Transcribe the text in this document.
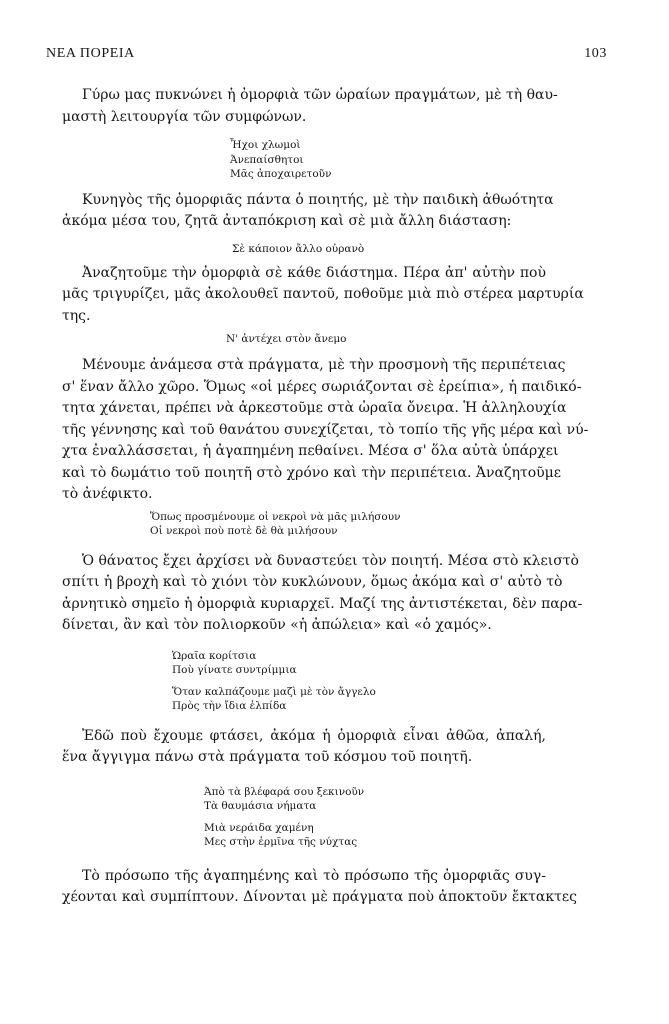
ΝΕΑ ΠΟΡΕΙΑ	103
Γύρω μας πυκνώνει ἡ ὀμορφιὰ τῶν ὡραίων πραγμάτων, μὲ τὴ θαυ-
μαστὴ λειτουργία τῶν συμφώνων.
Ἦχοι χλωμοὶ
Ἀνεπαίσθητοι
Μᾶς ἀποχαιρετοῦν
Κυνηγὸς τῆς ὀμορφιᾶς πάντα ὁ ποιητής, μὲ τὴν παιδικὴ ἀθωότητα
ἀκόμα μέσα του, ζητᾶ ἀνταπόκριση καὶ σὲ μιὰ ἄλλη διάσταση:
Σὲ κάποιον ἄλλο οὐρανὸ
Ἀναζητοῦμε τὴν ὀμορφιὰ σὲ κάθε διάστημα. Πέρα ἀπ' αὐτὴν ποὺ
μᾶς τριγυρίζει, μᾶς ἀκολουθεῖ παντοῦ, ποθοῦμε μιὰ πιὸ στέρεα μαρτυρία
της.
Ν' ἀντέχει στὸν ἄνεμο
Μένουμε ἀνάμεσα στὰ πράγματα, μὲ τὴν προσμονὴ τῆς περιπέτειας
σ' ἕναν ἄλλο χῶρο. Ὅμως «οἱ μέρες σωριάζονται σὲ ἐρείπια», ἡ παιδικό-
τητα χάνεται, πρέπει νὰ ἀρκεστοῦμε στὰ ὡραῖα ὄνειρα. Ἡ ἀλληλουχία
τῆς γέννησης καὶ τοῦ θανάτου συνεχίζεται, τὸ τοπίο τῆς γῆς μέρα καὶ νύ-
χτα ἐναλλάσσεται, ἡ ἀγαπημένη πεθαίνει. Μέσα σ' ὅλα αὐτὰ ὑπάρχει
καὶ τὸ δωμάτιο τοῦ ποιητῆ στὸ χρόνο καὶ τὴν περιπέτεια. Ἀναζητοῦμε
τὸ ἀνέφικτο.
Ὅπως προσμένουμε οἱ νεκροὶ νὰ μᾶς μιλήσουν
Οἱ νεκροὶ ποὺ ποτὲ δὲ θὰ μιλήσουν
Ὁ θάνατος ἔχει ἀρχίσει νὰ δυναστεύει τὸν ποιητή. Μέσα στὸ κλειστὸ
σπίτι ἡ βροχὴ καὶ τὸ χιόνι τὸν κυκλώνουν, ὅμως ἀκόμα καὶ σ' αὐτὸ τὸ
ἀρνητικὸ σημεῖο ἡ ὀμορφιὰ κυριαρχεῖ. Μαζί της ἀντιστέκεται, δὲν παρα-
δίνεται, ἂν καὶ τὸν πολιορκοῦν «ἡ ἀπώλεια» καὶ «ὁ χαμός».
Ὡραῖα κορίτσια
Ποὺ γίνατε συντρίμμια
Ὅταν καλπάζουμε μαζὶ μὲ τὸν ἄγγελο
Πρὸς τὴν ἴδια ἐλπίδα
Ἐδῶ ποὺ ἔχουμε φτάσει, ἀκόμα ἡ ὀμορφιὰ εἶναι ἀθῶα, ἀπαλή,
ἕνα ἄγγιγμα πάνω στὰ πράγματα τοῦ κόσμου τοῦ ποιητῆ.
Ἀπὸ τὰ βλέφαρά σου ξεκινοῦν
Τὰ θαυμάσια νήματα
Μιὰ νεράιδα χαμένη
Μες στὴν ἐρμῖνα τῆς νύχτας
Τὸ πρόσωπο τῆς ἀγαπημένης καὶ τὸ πρόσωπο τῆς ὀμορφιᾶς συγ-
χέονται καὶ συμπίπτουν. Δίνονται μὲ πράγματα ποὺ ἀποκτοῦν ἔκτακτες
